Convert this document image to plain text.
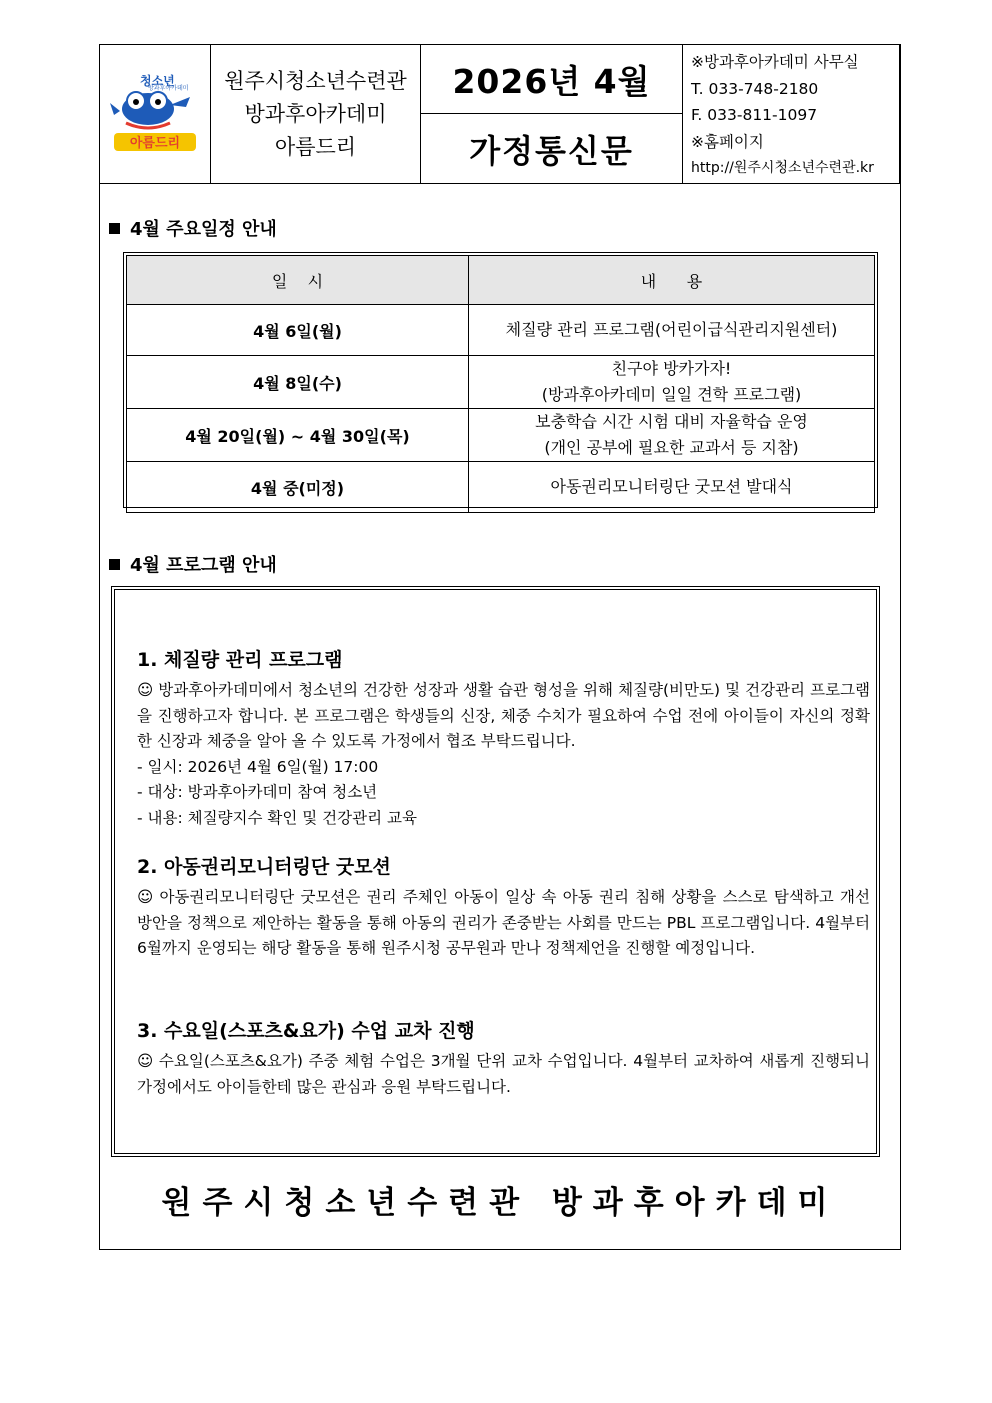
청소년
방과후아카데미
아름드리
원주시청소년수련관
방과후아카데미
아름드리
2026년 4월
가정통신문
※방과후아카데미 사무실
T. 033-748-2180
F. 033-811-1097
※홈페이지
http://원주시청소년수련관.kr
4월 주요일정 안내
일    시	내      용
4월 6일(월)	체질량 관리 프로그램(어린이급식관리지원센터)
4월 8일(수)	친구야 방카가자!
(방과후아카데미 일일 견학 프로그램)
4월 20일(월) ~ 4월 30일(목)	보충학습 시간 시험 대비 자율학습 운영
(개인 공부에 필요한 교과서 등 지참)
4월 중(미정)	아동권리모니터링단 굿모션 발대식
4월 프로그램 안내
1. 체질량 관리 프로그램

☺ 방과후아카데미에서 청소년의 건강한 성장과 생활 습관 형성을 위해 체질량(비만도) 및 건강관리 프로그램을 진행하고자 합니다. 본 프로그램은 학생들의 신장, 체중 수치가 필요하여 수업 전에 아이들이 자신의 정확한 신장과 체중을 알아 올 수 있도록 가정에서 협조 부탁드립니다.

- 일시: 2026년 4월 6일(월) 17:00
- 대상: 방과후아카데미 참여 청소년
- 내용: 체질량지수 확인 및 건강관리 교육
2. 아동권리모니터링단 굿모션

☺ 아동권리모니터링단 굿모션은 권리 주체인 아동이 일상 속 아동 권리 침해 상황을 스스로 탐색하고 개선 방안을 정책으로 제안하는 활동을 통해 아동의 권리가 존중받는 사회를 만드는 PBL 프로그램입니다. 4월부터 6월까지 운영되는 해당 활동을 통해 원주시청 공무원과 만나 정책제언을 진행할 예정입니다.

3. 수요일(스포츠&요가) 수업 교차 진행

☺ 수요일(스포츠&요가) 주중 체험 수업은 3개월 단위 교차 수업입니다. 4월부터 교차하여 새롭게 진행되니 가정에서도 아이들한테 많은 관심과 응원 부탁드립니다.

원주시청소년수련관 방과후아카데미
